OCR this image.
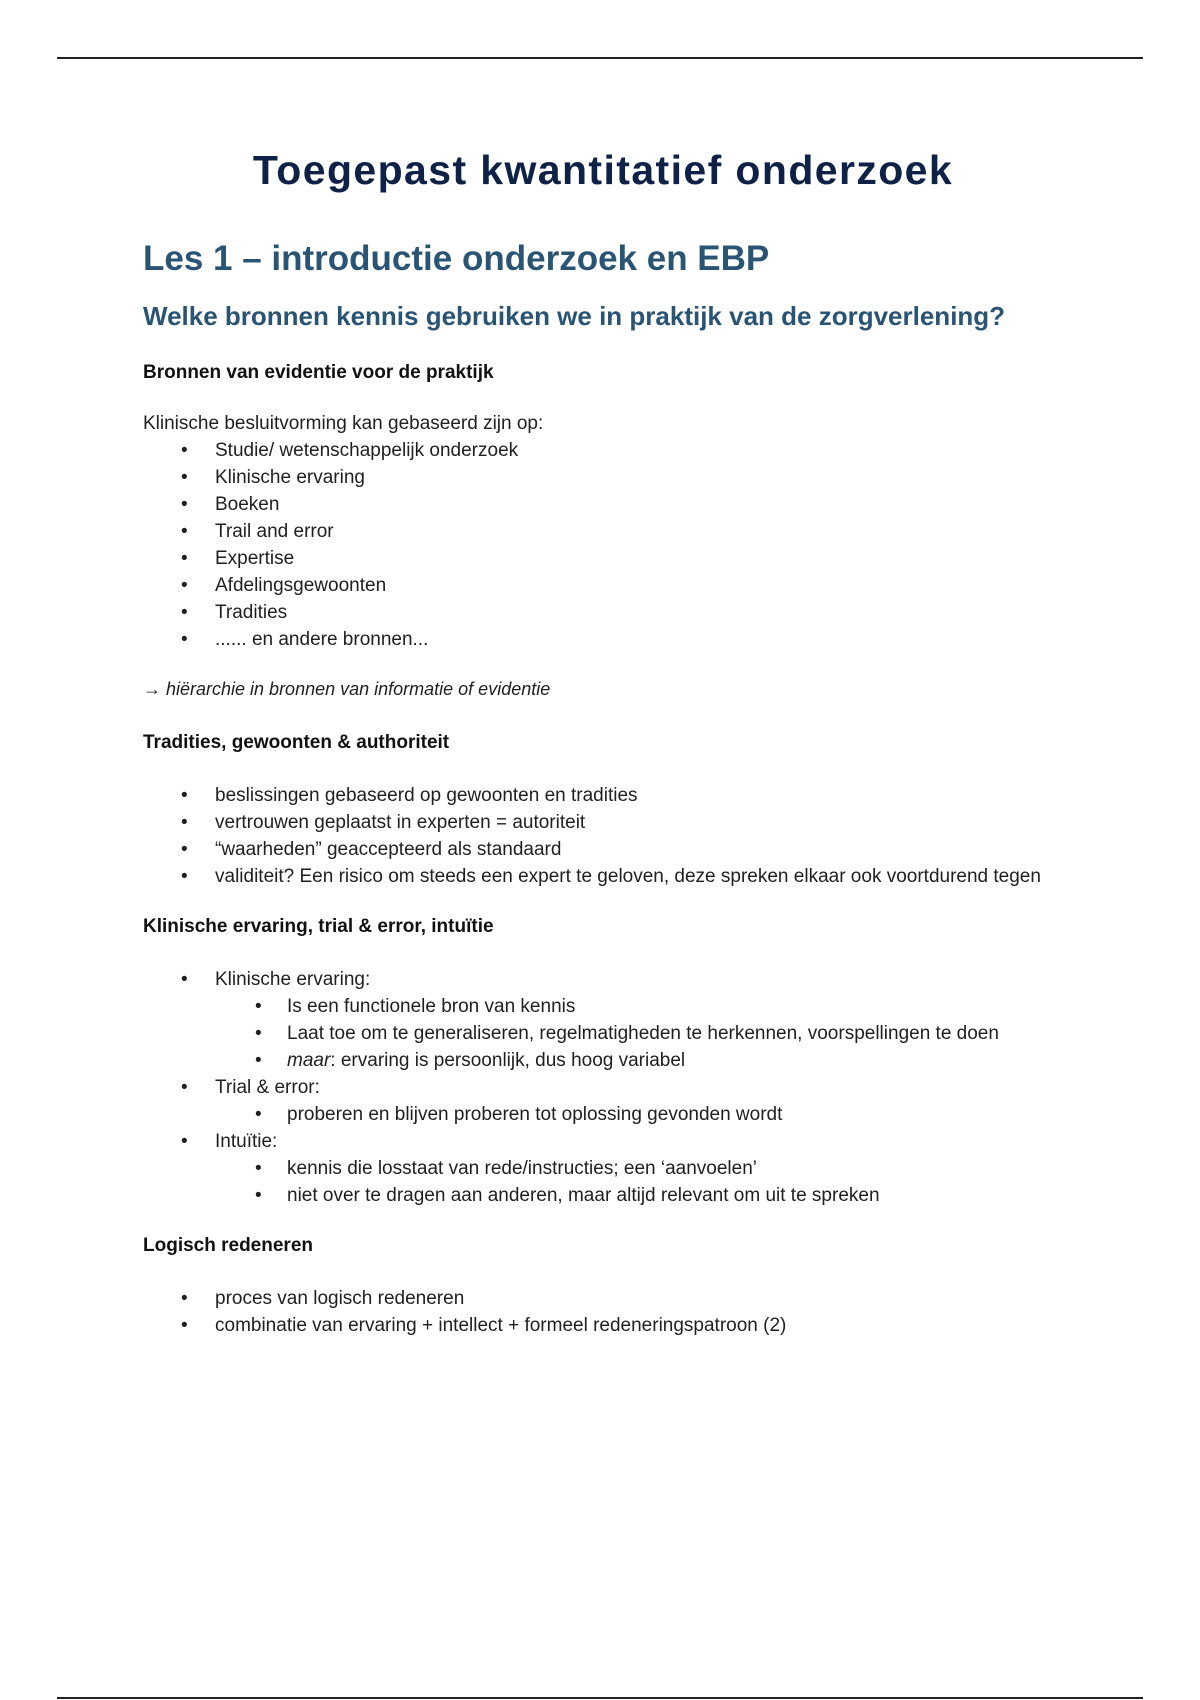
Toegepast kwantitatief onderzoek
Les 1 – introductie onderzoek en EBP
Welke bronnen kennis gebruiken we in praktijk van de zorgverlening?
Bronnen van evidentie voor de praktijk
Klinische besluitvorming kan gebaseerd zijn op:
• Studie/ wetenschappelijk onderzoek
• Klinische ervaring
• Boeken
• Trail and error
• Expertise
• Afdelingsgewoonten
• Tradities
• ...... en andere bronnen...
→ hiërarchie in bronnen van informatie of evidentie
Tradities, gewoonten & authoriteit
• beslissingen gebaseerd op gewoonten en tradities
• vertrouwen geplaatst in experten = autoriteit
• “waarheden” geaccepteerd als standaard
• validiteit? Een risico om steeds een expert te geloven, deze spreken elkaar ook voortdurend tegen
Klinische ervaring, trial & error, intuïtie
• Klinische ervaring:
• Is een functionele bron van kennis
• Laat toe om te generaliseren, regelmatigheden te herkennen, voorspellingen te doen
• maar: ervaring is persoonlijk, dus hoog variabel
• Trial & error:
• proberen en blijven proberen tot oplossing gevonden wordt
• Intuïtie:
• kennis die losstaat van rede/instructies; een ‘aanvoelen’
• niet over te dragen aan anderen, maar altijd relevant om uit te spreken
Logisch redeneren
• proces van logisch redeneren
• combinatie van ervaring + intellect + formeel redeneringspatroon (2)
